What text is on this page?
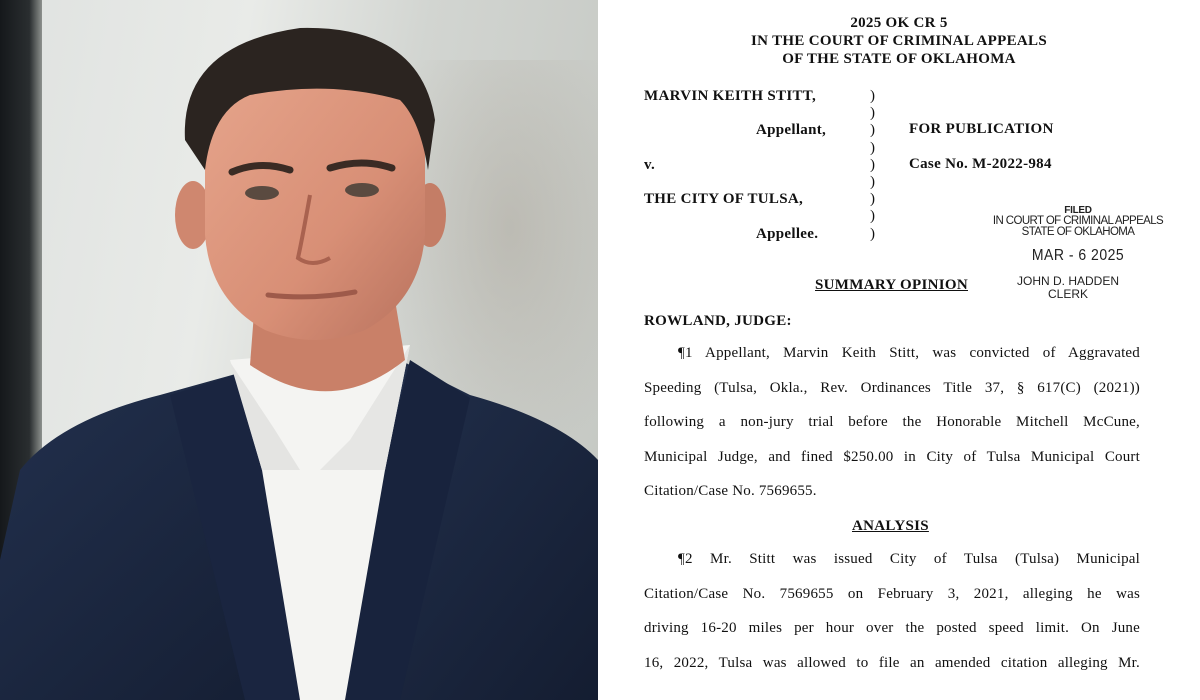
2025 OK CR 5
IN THE COURT OF CRIMINAL APPEALS
OF THE STATE OF OKLAHOMA
MARVIN KEITH STITT,
Appellant,
v.
THE CITY OF TULSA,
Appellee.
)
)
)
)
)
)
)
)
)
FOR PUBLICATION
Case No. M-2022-984
FILED
IN COURT OF CRIMINAL APPEALS
STATE OF OKLAHOMA
MAR - 6 2025
JOHN D. HADDEN
CLERK
SUMMARY OPINION
ROWLAND, JUDGE:
¶1 Appellant, Marvin Keith Stitt, was convicted of Aggravated
Speeding (Tulsa, Okla., Rev. Ordinances Title 37, § 617(C) (2021))
following a non-jury trial before the Honorable Mitchell McCune,
Municipal Judge, and fined $250.00 in City of Tulsa Municipal Court
Citation/Case No. 7569655.
ANALYSIS
¶2 Mr. Stitt was issued City of Tulsa (Tulsa) Municipal
Citation/Case No. 7569655 on February 3, 2021, alleging he was
driving 16-20 miles per hour over the posted speed limit. On June
16, 2022, Tulsa was allowed to file an amended citation alleging Mr.
